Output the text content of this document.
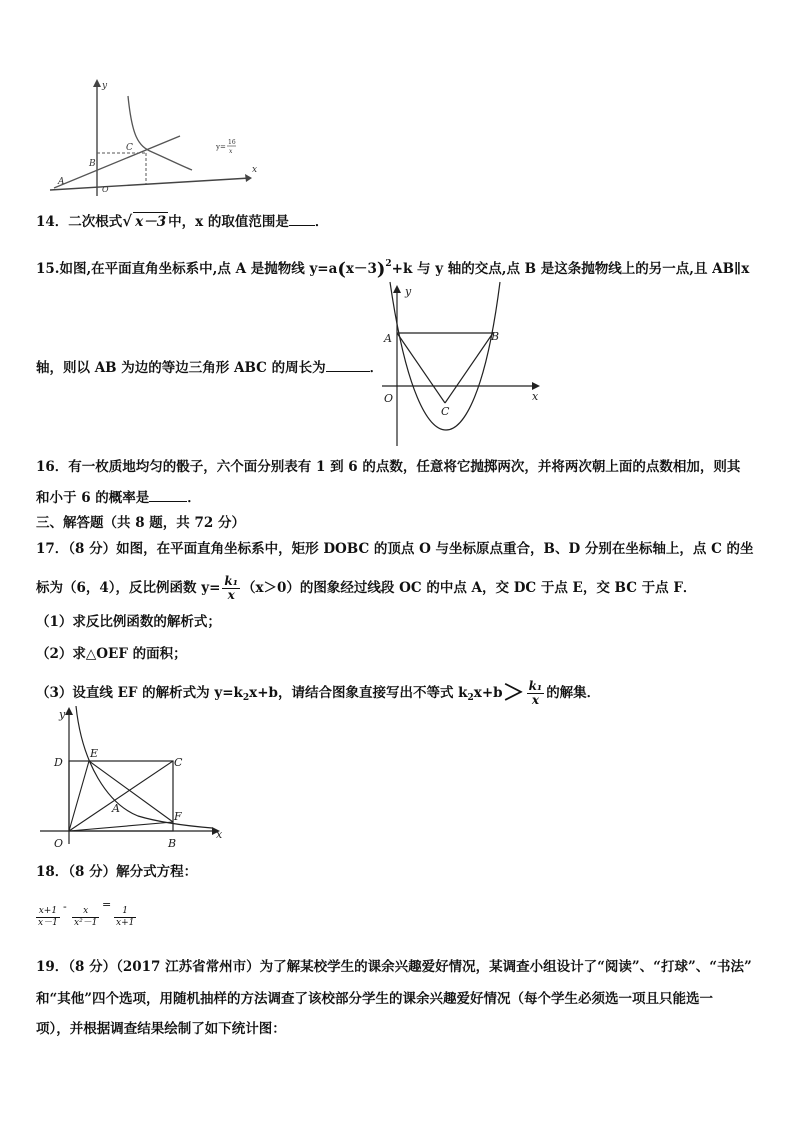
y
x
A
B
C
O
y=
16
x
14．二次根式√ x－3 中，x 的取值范围是 ．
15.如图,在平面直角坐标系中,点 A 是抛物线 $y=a(x-3)^2+k$ 与 y 轴的交点,点 B 是这条抛物线上的另一点,且 AB∥x
y
x
A	B
O
C
轴，则以 AB 为边的等边三角形 ABC 的周长为	．
16．有一枚质地均匀的骰子，六个面分别表有 1 到 6 的点数，任意将它抛掷两次，并将两次朝上面的点数相加，则其
和小于 6 的概率是	．
三、解答题（共 8 题，共 72 分）
17．（8 分）如图，在平面直角坐标系中，矩形 DOBC 的顶点 O 与坐标原点重合，B、D 分别在坐标轴上，点 C 的坐
标为（6，4），反比例函数 $y= \frac{\text{k₁}}{x} (x>0)$的图象经过线段 OC 的中点 A，交 DC 于点 E，交 BC 于点 F．
（1）求反比例函数的解析式；
（2）求△OEF 的面积；
（3）设直线 EF 的解析式为 $y=k_2x+b$，请结合图象直接写出不等式 $k_2x+b> \frac{\text{k₁}}{x}$ 的解集．
y
x
D
E
C
A
F
O	B
18．（8 分）解分式方程：
$\frac{x+1}{x-1} - \frac{x}{\text{x²－1}}$
=
$\frac{1}{x+1}$
19．（8 分）（2017 江苏省常州市）为了解某校学生的课余兴趣爱好情况，某调查小组设计了“阅读”、“打球”、“书法”
和“其他”四个选项，用随机抽样的方法调查了该校部分学生的课余兴趣爱好情况（每个学生必须选一项且只能选一
项），并根据调查结果绘制了如下统计图：
